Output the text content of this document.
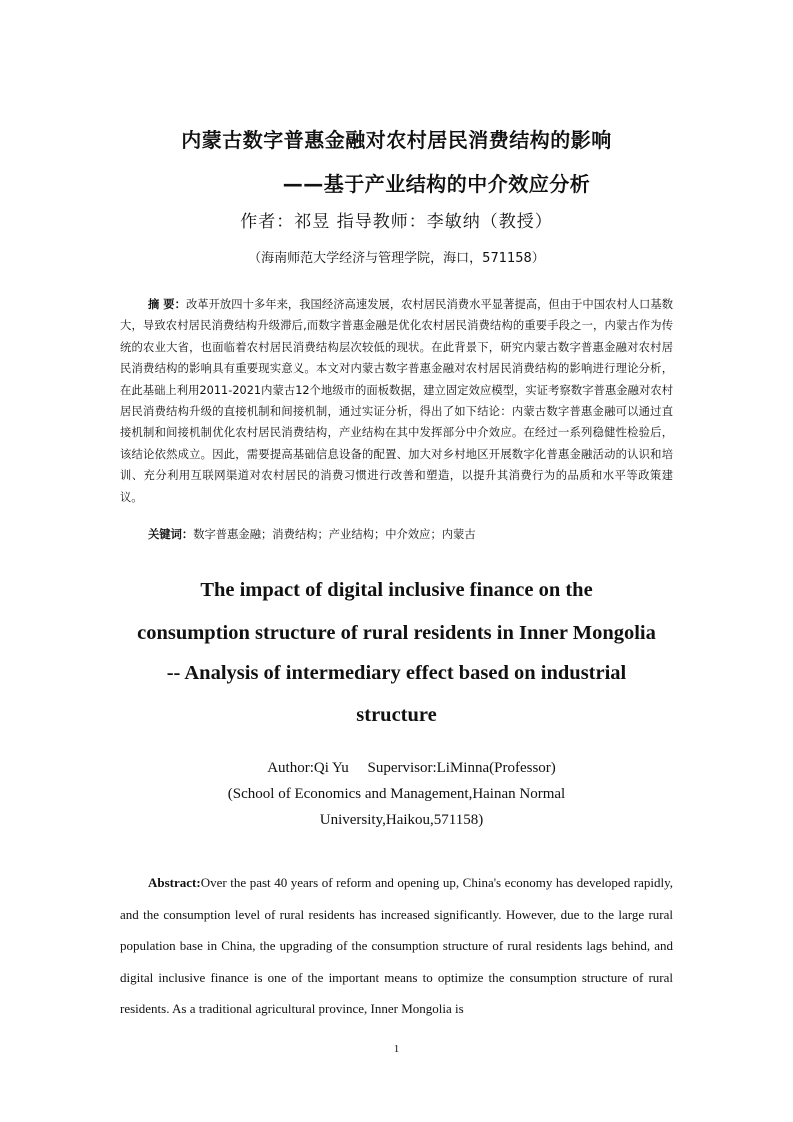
内蒙古数字普惠金融对农村居民消费结构的影响
——基于产业结构的中介效应分析
作者：祁昱 指导教师：李敏纳（教授）
（海南师范大学经济与管理学院，海口，571158）
摘 要：改革开放四十多年来，我国经济高速发展，农村居民消费水平显著提高，但由于中国农村人口基数大，导致农村居民消费结构升级滞后,而数字普惠金融是优化农村居民消费结构的重要手段之一，内蒙古作为传统的农业大省，也面临着农村居民消费结构层次较低的现状。在此背景下，研究内蒙古数字普惠金融对农村居民消费结构的影响具有重要现实意义。本文对内蒙古数字普惠金融对农村居民消费结构的影响进行理论分析，在此基础上利用2011-2021内蒙古12个地级市的面板数据，建立固定效应模型，实证考察数字普惠金融对农村居民消费结构升级的直接机制和间接机制，通过实证分析，得出了如下结论：内蒙古数字普惠金融可以通过直接机制和间接机制优化农村居民消费结构，产业结构在其中发挥部分中介效应。在经过一系列稳健性检验后，该结论依然成立。因此，需要提高基础信息设备的配置、加大对乡村地区开展数字化普惠金融活动的认识和培训、充分利用互联网渠道对农村居民的消费习惯进行改善和塑造，以提升其消费行为的品质和水平等政策建议。
关键词：数字普惠金融；消费结构；产业结构；中介效应；内蒙古
The impact of digital inclusive finance on the
consumption structure of rural residents in Inner Mongolia
-- Analysis of intermediary effect based on industrial
structure
Author:Qi Yu     Supervisor:LiMinna(Professor)
(School of Economics and Management,Hainan Normal
University,Haikou,571158)
Abstract:Over the past 40 years of reform and opening up, China's economy has developed rapidly, and the consumption level of rural residents has increased significantly. However, due to the large rural population base in China, the upgrading of the consumption structure of rural residents lags behind, and digital inclusive finance is one of the important means to optimize the consumption structure of rural residents. As a traditional agricultural province, Inner Mongolia is
1
